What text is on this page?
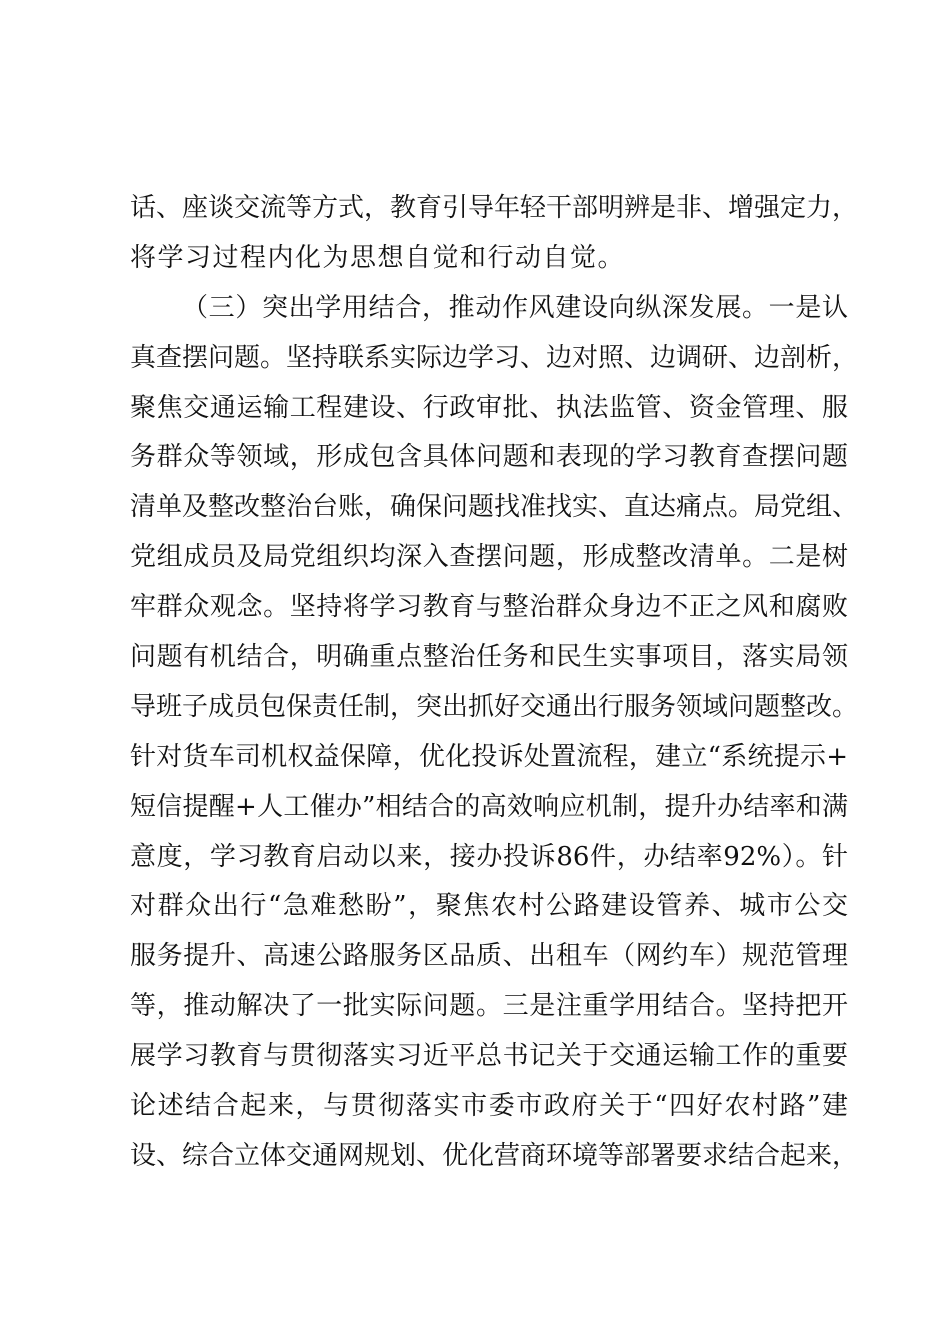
话、座谈交流等方式，教育引导年轻干部明辨是非、增强定力，
将学习过程内化为思想自觉和行动自觉。
（三）突出学用结合，推动作风建设向纵深发展。一是认
真查摆问题。坚持联系实际边学习、边对照、边调研、边剖析，
聚焦交通运输工程建设、行政审批、执法监管、资金管理、服
务群众等领域，形成包含具体问题和表现的学习教育查摆问题
清单及整改整治台账，确保问题找准找实、直达痛点。局党组、
党组成员及局党组织均深入查摆问题，形成整改清单。二是树
牢群众观念。坚持将学习教育与整治群众身边不正之风和腐败
问题有机结合，明确重点整治任务和民生实事项目，落实局领
导班子成员包保责任制，突出抓好交通出行服务领域问题整改。
针对货车司机权益保障，优化投诉处置流程，建立“系统提示+
短信提醒+人工催办”相结合的高效响应机制，提升办结率和满
意度，学习教育启动以来，接办投诉86件，办结率92%）。针
对群众出行“急难愁盼”，聚焦农村公路建设管养、城市公交
服务提升、高速公路服务区品质、出租车（网约车）规范管理
等，推动解决了一批实际问题。三是注重学用结合。坚持把开
展学习教育与贯彻落实习近平总书记关于交通运输工作的重要
论述结合起来，与贯彻落实市委市政府关于“四好农村路”建
设、综合立体交通网规划、优化营商环境等部署要求结合起来，
